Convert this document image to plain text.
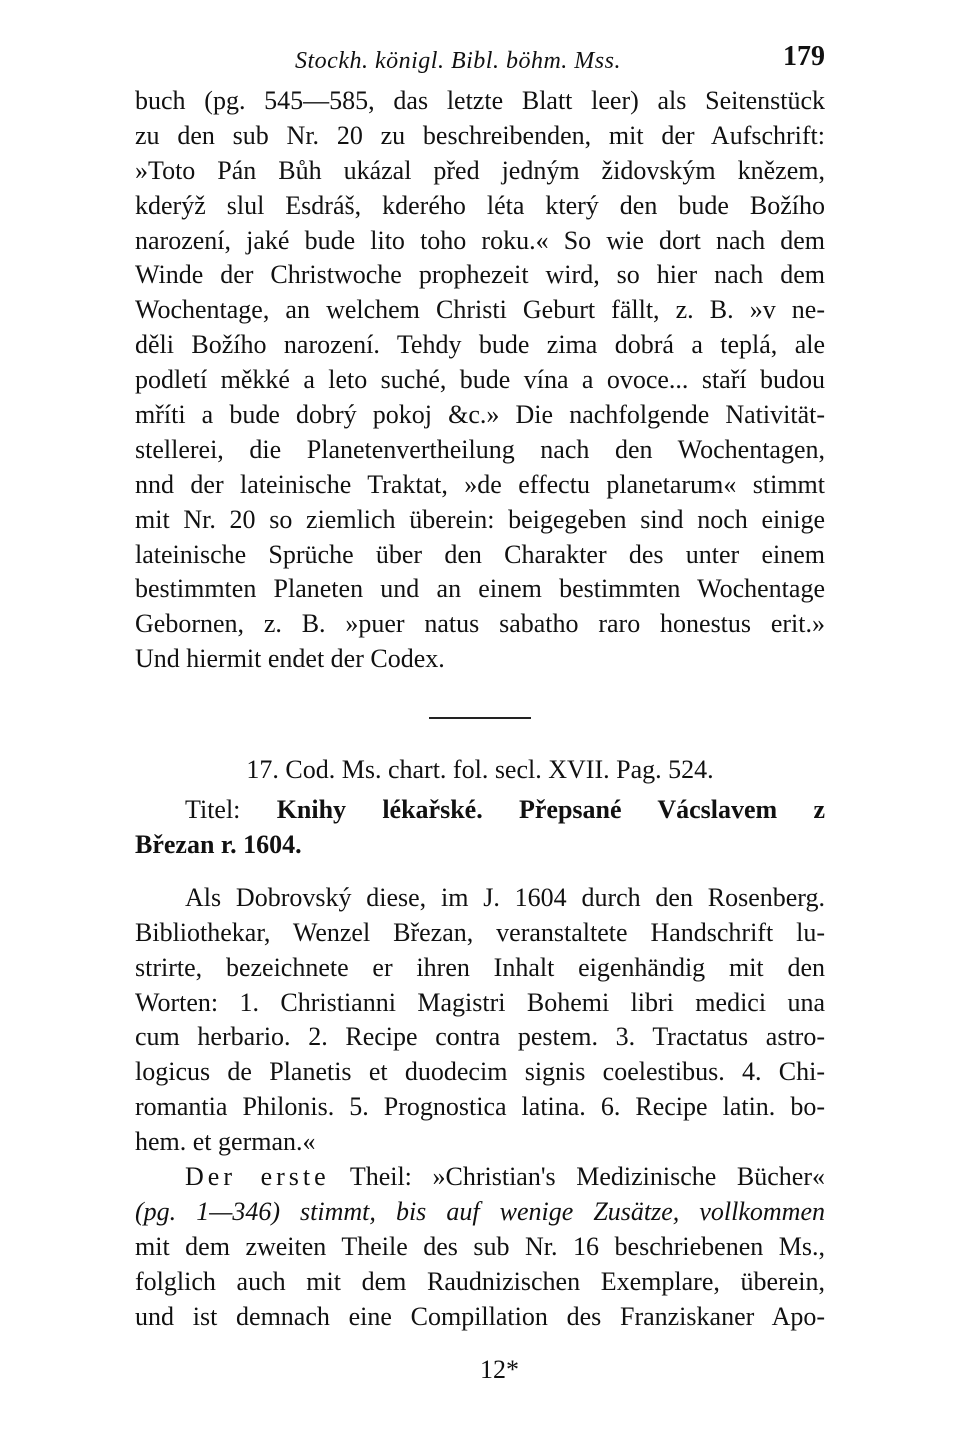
Stockh. königl. Bibl. böhm. Mss.	179
buch (pg. 545—585, das letzte Blatt leer) als Seitenstück
zu den sub Nr. 20 zu beschreibenden, mit der Aufschrift:
»Toto Pán Bůh ukázal před jedným židovským knězem,
kderýž slul Esdráš, kderého léta který den bude Božího
narození, jaké bude lito toho roku.« So wie dort nach dem
Winde der Christwoche prophezeit wird, so hier nach dem
Wochentage, an welchem Christi Geburt fällt, z. B. »v ne-
děli Božího narození. Tehdy bude zima dobrá a teplá, ale
podletí měkké a leto suché, bude vína a ovoce... staří budou
mříti a bude dobrý pokoj &c.» Die nachfolgende Nativität-
stellerei, die Planetenvertheilung nach den Wochentagen,
nnd der lateinische Traktat, »de effectu planetarum« stimmt
mit Nr. 20 so ziemlich überein: beigegeben sind noch einige
lateinische Sprüche über den Charakter des unter einem
bestimmten Planeten und an einem bestimmten Wochentage
Gebornen, z. B. »puer natus sabatho raro honestus erit.»
Und hiermit endet der Codex.
17. Cod. Ms. chart. fol. secl. XVII. Pag. 524.
Titel: Knihy lékařské. Přepsané Vácslavem z
Březan r. 1604.
Als Dobrovský diese, im J. 1604 durch den Rosenberg.
Bibliothekar, Wenzel Březan, veranstaltete Handschrift lu-
strirte, bezeichnete er ihren Inhalt eigenhändig mit den
Worten: 1. Christianni Magistri Bohemi libri medici una
cum herbario. 2. Recipe contra pestem. 3. Tractatus astro-
logicus de Planetis et duodecim signis coelestibus. 4. Chi-
romantia Philonis. 5. Prognostica latina. 6. Recipe latin. bo-
hem. et german.«
Der erste Theil: »Christian's Medizinische Bücher«
(pg. 1—346) stimmt, bis auf wenige Zusätze, vollkommen
mit dem zweiten Theile des sub Nr. 16 beschriebenen Ms.,
folglich auch mit dem Raudnizischen Exemplare, überein,
und ist demnach eine Compillation des Franziskaner Apo-
12*
